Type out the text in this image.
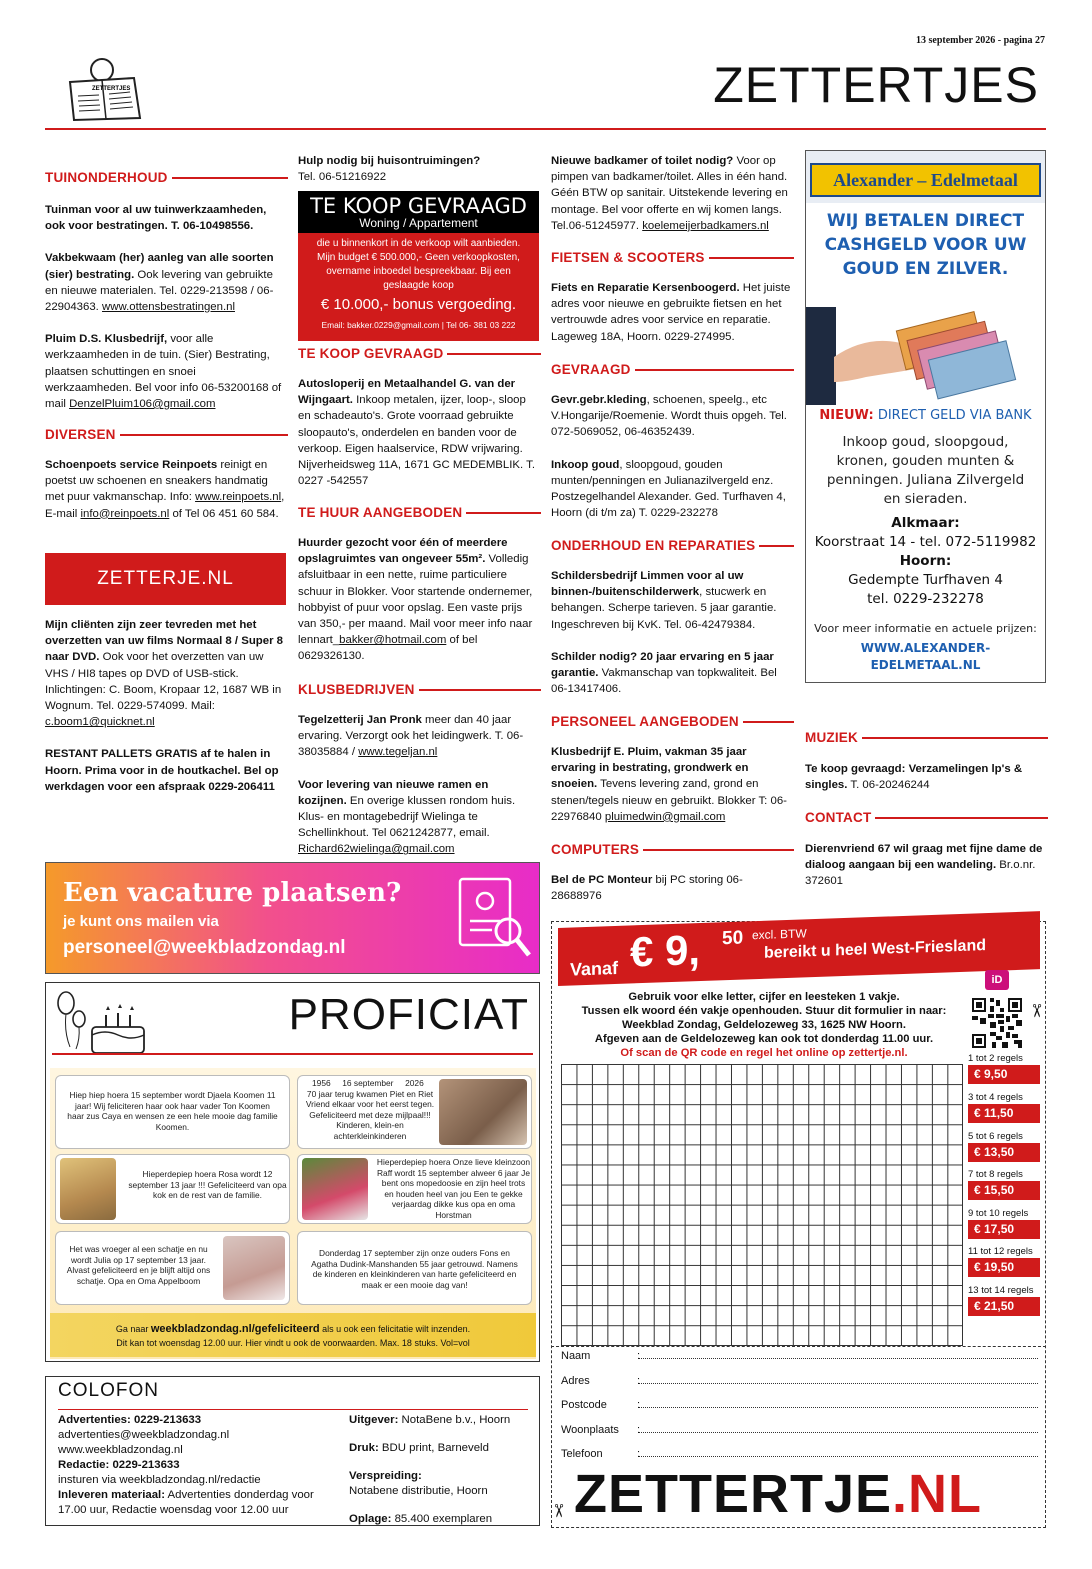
13 september 2026 - pagina 27
ZETTERTJES
ZETTERTJES
TUINONDERHOUD

Tuinman voor al uw tuinwerkzaamheden, ook voor bestratingen. T. 06-10498556.

Vakbekwaam (her) aanleg van alle soorten (sier) bestrating. Ook levering van gebruikte en nieuwe materialen. Tel. 0229-213598 / 06-22904363. www.ottensbestratingen.nl

Pluim D.S. Klusbedrijf, voor alle werkzaamheden in de tuin. (Sier) Bestrating, plaatsen schuttingen en snoei werkzaamheden. Bel voor info 06-53200168 of mail DenzelPluim106@gmail.com

DIVERSEN

Schoenpoets service Reinpoets reinigt en poetst uw schoenen en sneakers handmatig met puur vakmanschap. Info: www.reinpoets.nl, E-mail info@reinpoets.nl of Tel 06 451 60 584.

ZETTERJE.NL

Mijn cliënten zijn zeer tevreden met het overzetten van uw films Normaal 8 / Super 8 naar DVD. Ook voor het overzetten van uw VHS / HI8 tapes op DVD of USB-stick. Inlichtingen: C. Boom, Kropaar 12, 1687 WB in Wognum. Tel. 0229-574099. Mail: c.boom1@quicknet.nl

RESTANT PALLETS GRATIS af te halen in Hoorn. Prima voor in de houtkachel. Bel op werkdagen voor een afspraak 0229-206411

Hulp nodig bij huisontruimingen?
Tel. 06-51216922

TE KOOP GEVRAAGD
Woning / Appartement
die u binnenkort in de verkoop wilt aanbieden. Mijn budget € 500.000,- Geen verkoopkosten, overname inboedel bespreekbaar. Bij een geslaagde koop
€ 10.000,- bonus vergoeding.
Email: bakker.0229@gmail.com | Tel 06- 381 03 222
TE KOOP GEVRAAGD

Autosloperij en Metaalhandel G. van der Wijngaart. Inkoop metalen, ijzer, loop-, sloop en schadeauto's. Grote voorraad gebruikte sloopauto's, onderdelen en banden voor de verkoop. Eigen haalservice, RDW vrijwaring. Nijverheidsweg 11A, 1671 GC MEDEMBLIK. T. 0227 -542557

TE HUUR AANGEBODEN

Huurder gezocht voor één of meerdere opslagruimtes van ongeveer 55m². Volledig afsluitbaar in een nette, ruime particuliere schuur in Blokker. Voor startende ondernemer, hobbyist of puur voor opslag. Een vaste prijs van 350,- per maand. Mail voor meer info naar lennart_bakker@hotmail.com of bel 0629326130.

KLUSBEDRIJVEN

Tegelzetterij Jan Pronk meer dan 40 jaar ervaring. Verzorgt ook het leidingwerk. T. 06-38035884 / www.tegeljan.nl

Voor levering van nieuwe ramen en kozijnen. En overige klussen rondom huis. Klus- en montagebedrijf Wielinga te Schellinkhout. Tel 0621242877, email. Richard62wielinga@gmail.com

Nieuwe badkamer of toilet nodig? Voor op pimpen van badkamer/toilet. Alles in één hand. Géén BTW op sanitair. Uitstekende levering en montage. Bel voor offerte en wij komen langs. Tel.06-51245977. koelemeijerbadkamers.nl

FIETSEN & SCOOTERS

Fiets en Reparatie Kersenboogerd. Het juiste adres voor nieuwe en gebruikte fietsen en het vertrouwde adres voor service en reparatie. Lageweg 18A, Hoorn. 0229-274995.

GEVRAAGD

Gevr.gebr.kleding, schoenen, speelg., etc V.Hongarije/Roemenie. Wordt thuis opgeh. Tel. 072-5069052, 06-46352439.

Inkoop goud, sloopgoud, gouden munten/penningen en Julianazilvergeld enz. Postzegelhandel Alexander. Ged. Turfhaven 4, Hoorn (di t/m za) T. 0229-232278

ONDERHOUD EN REPARATIES

Schildersbedrijf Limmen voor al uw binnen-/buitenschilderwerk, stucwerk en behangen. Scherpe tarieven. 5 jaar garantie. Ingeschreven bij KvK. Tel. 06-42479384.

Schilder nodig? 20 jaar ervaring en 5 jaar garantie. Vakmanschap van topkwaliteit. Bel 06-13417406.

PERSONEEL AANGEBODEN

Klusbedrijf E. Pluim, vakman 35 jaar ervaring in bestrating, grondwerk en snoeien. Tevens levering zand, grond en stenen/tegels nieuw en gebruikt. Blokker T: 06-22976840 pluimedwin@gmail.com

COMPUTERS

Bel de PC Monteur bij PC storing 06-28688976

Alexander – Edelmetaal
WIJ BETALEN DIRECT CASHGELD VOOR UW GOUD EN ZILVER.
NIEUW: DIRECT GELD VIA BANK
Inkoop goud, sloopgoud, kronen, gouden munten & penningen. Juliana Zilvergeld en sieraden.
Alkmaar:
Koorstraat 14 - tel. 072-5119982
Hoorn:
Gedempte Turfhaven 4
tel. 0229-232278
Voor meer informatie en actuele prijzen:
WWW.ALEXANDER-EDELMETAAL.NL
MUZIEK

Te koop gevraagd: Verzamelingen lp's & singles. T. 06-20246244

CONTACT

Dierenvriend 67 wil graag met fijne dame de dialoog aangaan bij een wandeling. Br.o.nr. 372601

Een vacature plaatsen?
je kunt ons mailen via
personeel@weekbladzondag.nl
PROFICIAT
Hiep hiep hoera 15 september wordt Djaela Koomen 11 jaar! Wij feliciteren haar ook haar vader Ton Koomen haar zus Caya en wensen ze een hele mooie dag familie Koomen.
1956     16 september     2026
70 jaar terug kwamen Piet en Riet Vriend elkaar voor het eerst tegen. Gefeliciteerd met deze mijlpaal!!! Kinderen, klein-en achterkleinkinderen
Hieperdepiep hoera Rosa wordt 12 september 13 jaar !!! Gefeliciteerd van opa kok en de rest van de familie.
Hieperdepiep hoera Onze lieve kleinzoon Raff wordt 15 september alweer 6 jaar Je bent ons mopedoosie en zijn heel trots en houden heel van jou Een te gekke verjaardag dikke kus opa en oma Horstman
Het was vroeger al een schatje en nu wordt Julia op 17 september 13 jaar. Alvast gefeliciteerd en je blijft altijd ons schatje. Opa en Oma Appelboom
Donderdag 17 september zijn onze ouders Fons en Agatha Dudink-Manshanden 55 jaar getrouwd. Namens de kinderen en kleinkinderen van harte gefeliciteerd en maak er een mooie dag van!
Ga naar weekbladzondag.nl/gefeliciteerd als u ook een felicitatie wilt inzenden.
Dit kan tot woensdag 12.00 uur. Hier vindt u ook de voorwaarden. Max. 18 stuks. Vol=vol
COLOFON
Advertenties: 0229-213633
advertenties@weekbladzondag.nl
www.weekbladzondag.nl
Redactie: 0229-213633
insturen via weekbladzondag.nl/redactie
Inleveren materiaal: Advertenties donderdag voor 17.00 uur, Redactie woensdag voor 12.00 uur
Uitgever: NotaBene b.v., Hoorn
Druk: BDU print, Barneveld
Verspreiding:
Notabene distributie, Hoorn
Oplage: 85.400 exemplaren
Vanaf € 9, 50 excl. BTW
bereikt u heel West-Friesland
iD
Gebruik voor elke letter, cijfer en leesteken 1 vakje.
Tussen elk woord één vakje openhouden. Stuur dit formulier in naar:
Weekblad Zondag, Geldelozeweg 33, 1625 NW Hoorn.
Afgeven aan de Geldelozeweg kan ook tot donderdag 11.00 uur.
Of scan de QR code en regel het online op zettertje.nl.
✂
✂
1 tot 2 regels
€ 9,50
3 tot 4 regels
€ 11,50
5 tot 6 regels
€ 13,50
7 tot 8 regels
€ 15,50
9 tot 10 regels
€ 17,50
11 tot 12 regels
€ 19,50
13 tot 14 regels
€ 21,50
Naam	:
Adres	:
Postcode	:
Woonplaats :
Telefoon	:
ZETTERTJE.NL
